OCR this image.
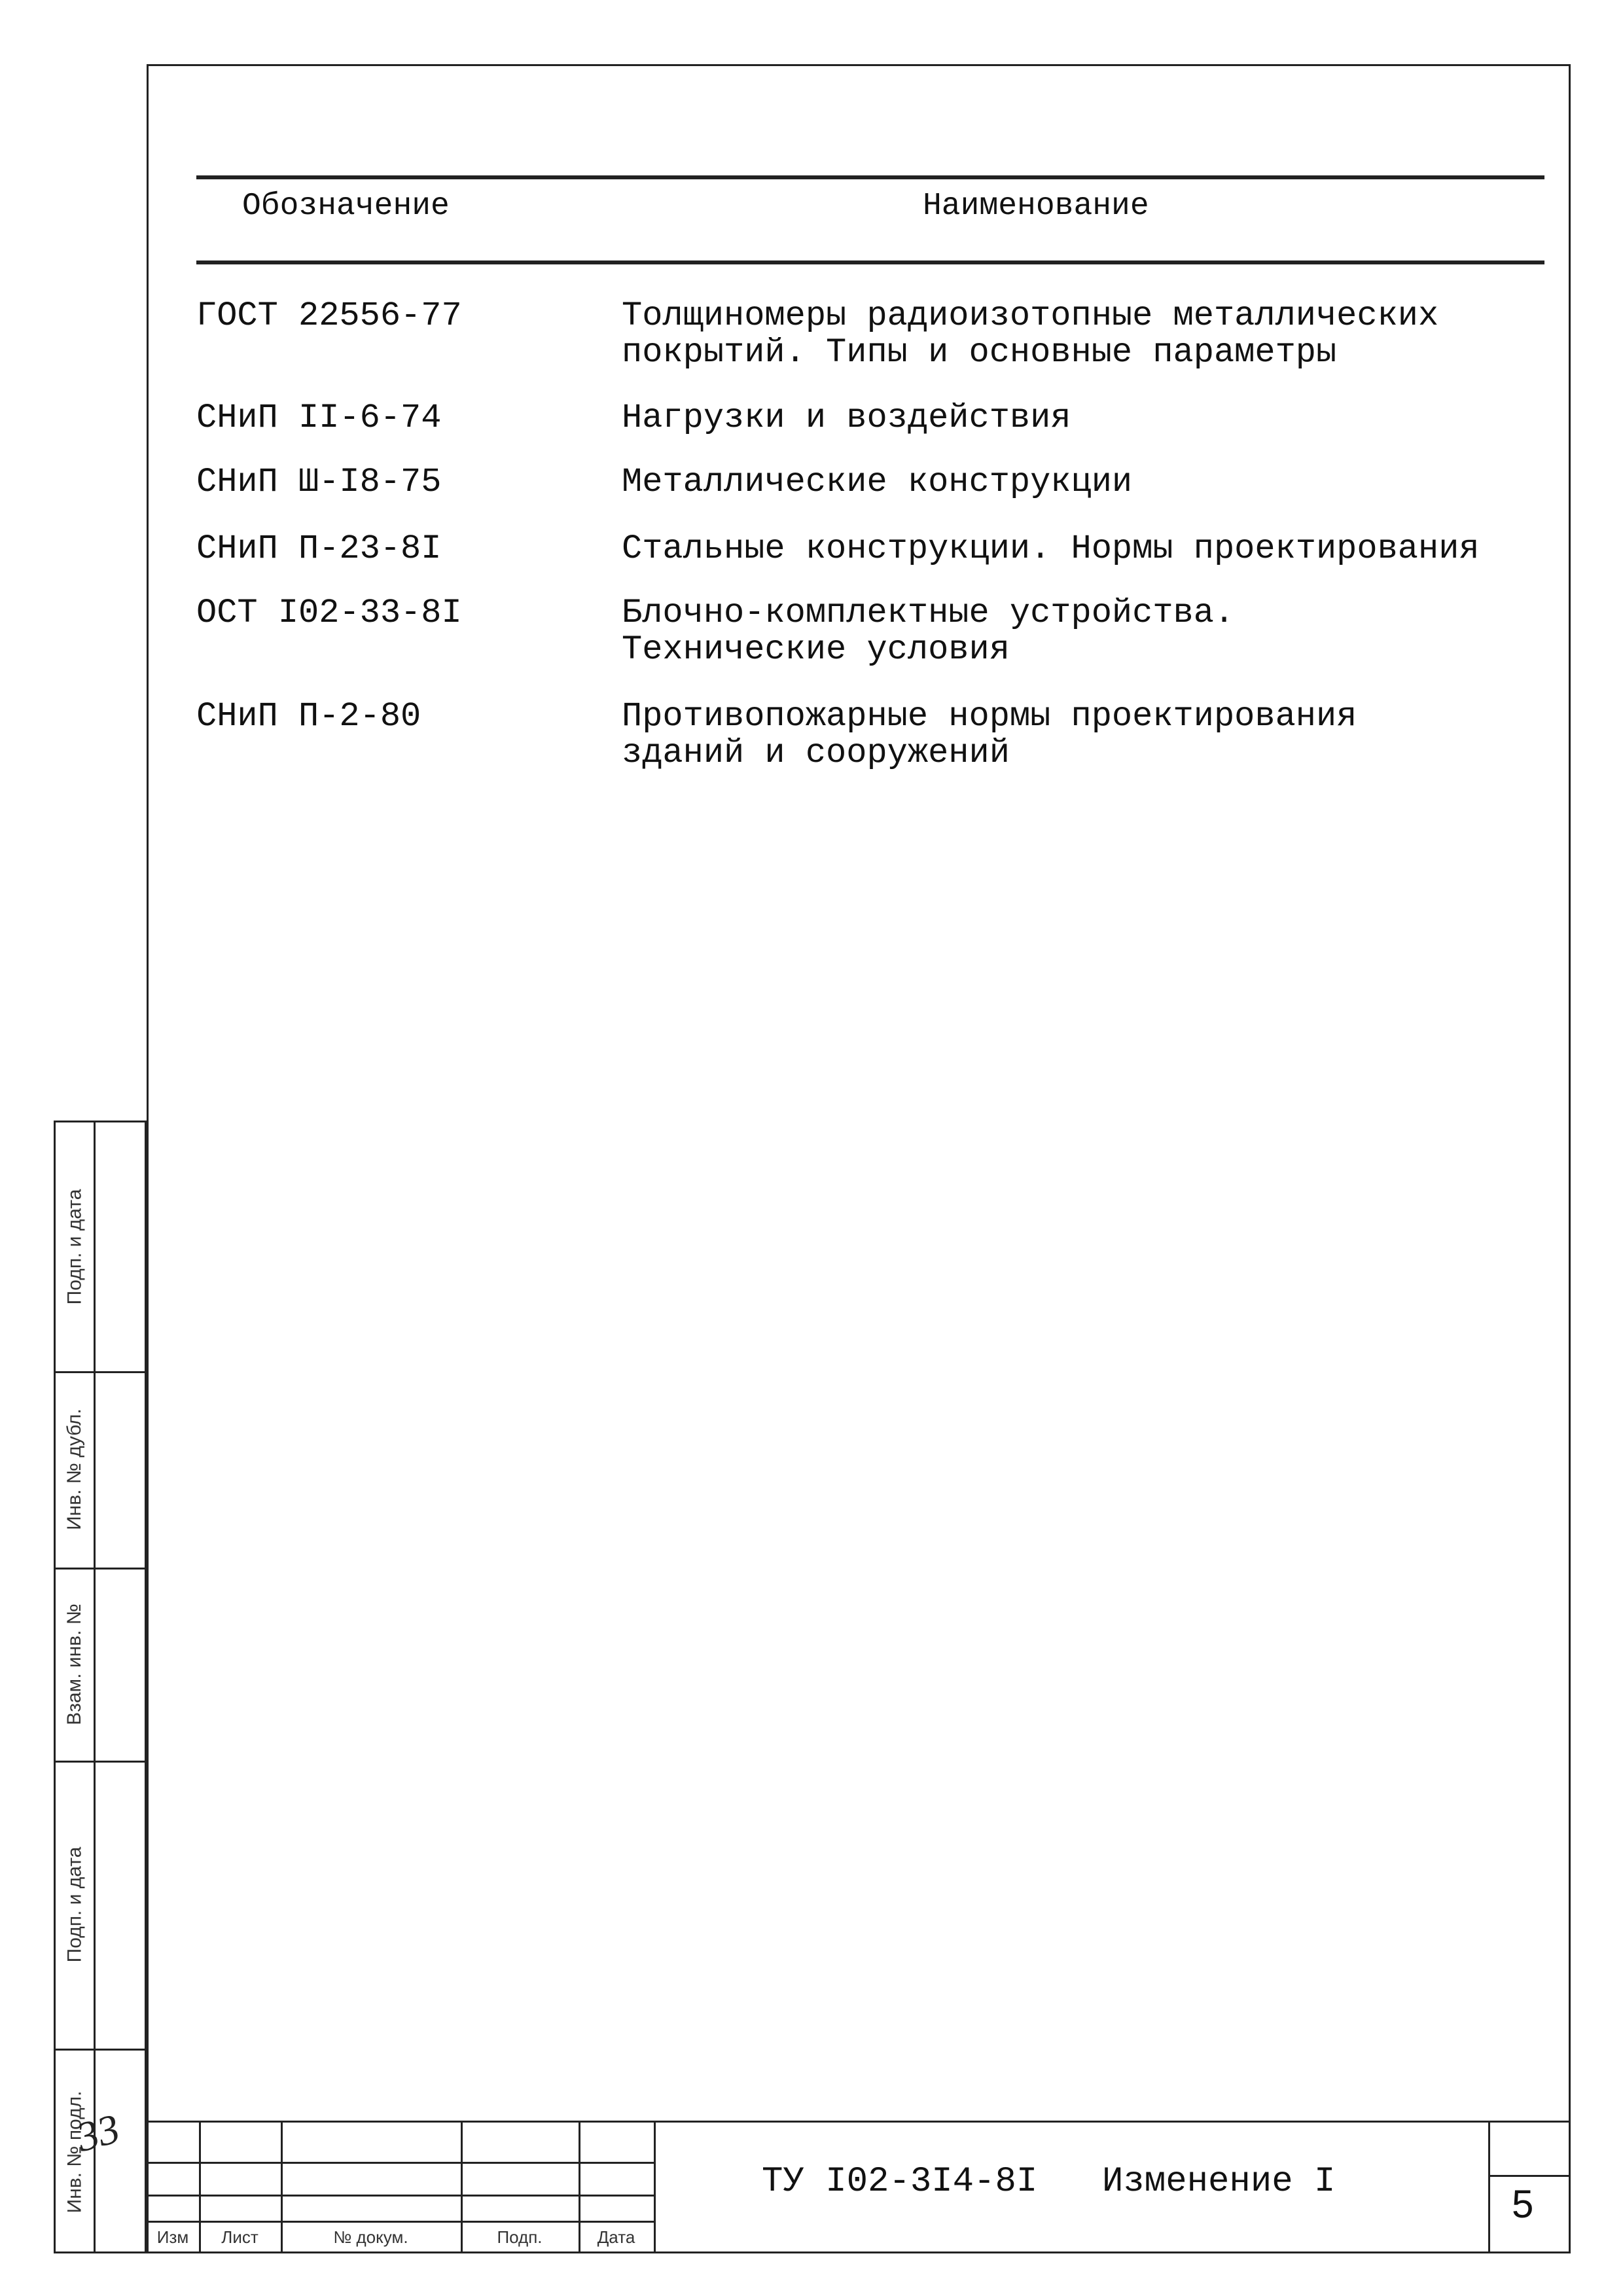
Обозначение	Наименование
ГОСТ 22556-77	Толщиномеры радиоизотопные металлических
покрытий. Типы и основные параметры
СНиП II-6-74	Нагрузки и воздействия
СНиП Ш-I8-75	Металлические конструкции
СНиП П-23-8I	Стальные конструкции. Нормы проектирования
ОСТ I02-33-8I	Блочно-комплектные устройства.
Технические условия
СНиП П-2-80	Противопожарные нормы проектирования
зданий и сооружений
Подп. и дата
Инв. № дубл.
Взам. инв. №
Подп. и дата
Инв. № подл.
33
Изм	Лист	№ докум.	Подп.	Дата
ТУ I02-3I4-8I Изменение I
5
